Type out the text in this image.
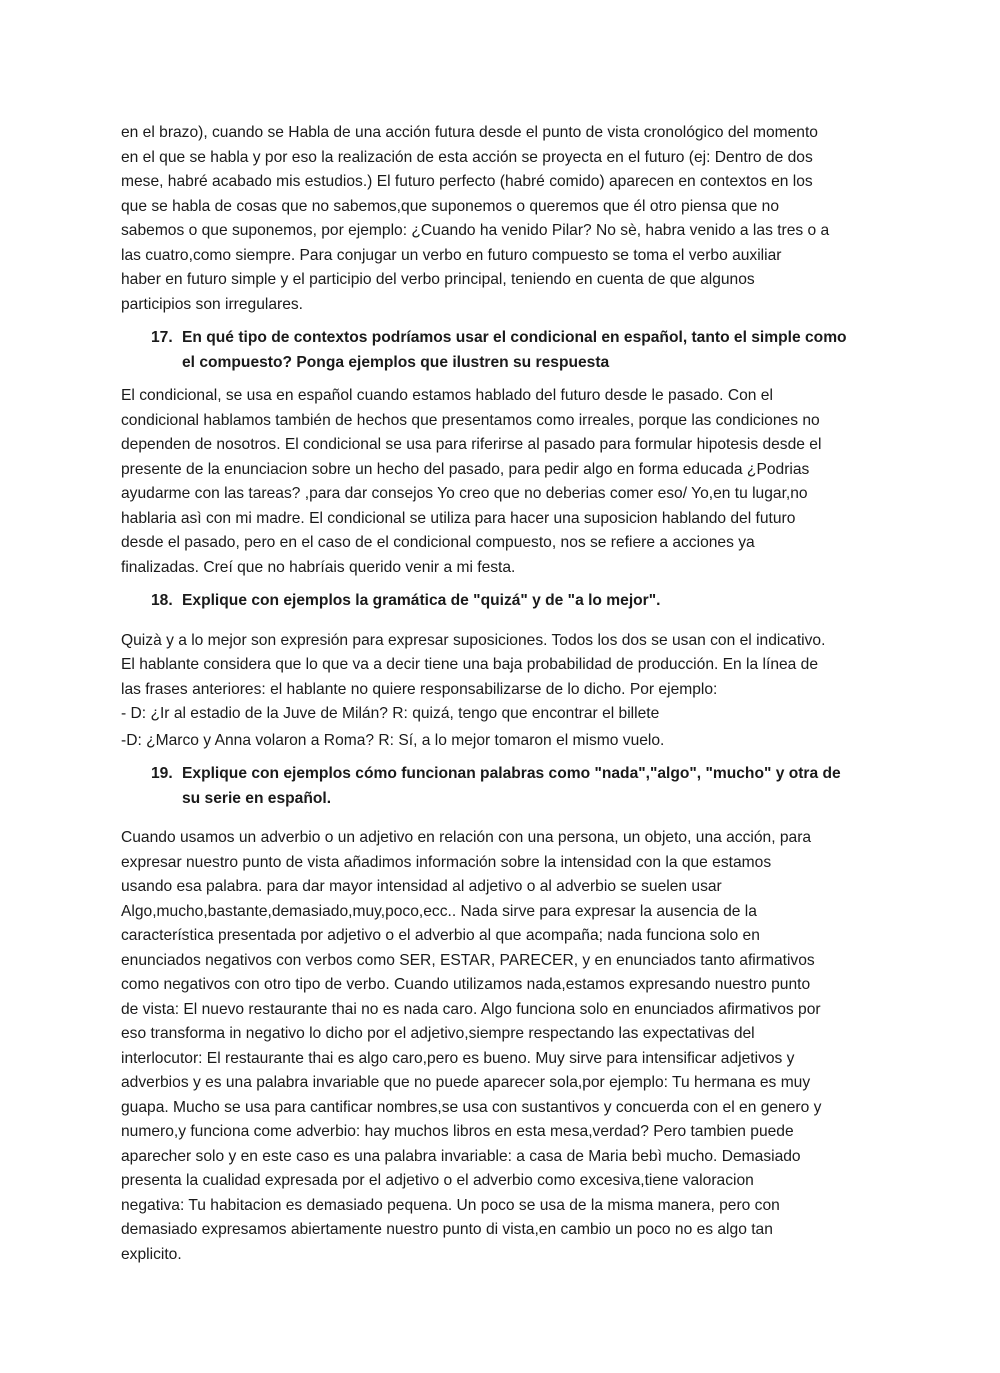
en el brazo), cuando se Habla de una acción futura desde el punto de vista cronológico del momento
en el que se habla y por eso la realización de esta acción se proyecta en el futuro (ej: Dentro de dos
mese, habré acabado mis estudios.) El futuro perfecto (habré comido) aparecen en contextos en los
que se habla de cosas que no sabemos,que suponemos o queremos que él otro piensa que no
sabemos o que suponemos, por ejemplo: ¿Cuando ha venido Pilar? No sè, habra venido a las tres o a
las cuatro,como siempre. Para conjugar un verbo en futuro compuesto se toma el verbo auxiliar
haber en futuro simple y el participio del verbo principal, teniendo en cuenta de que algunos
participios son irregulares.

17. En qué tipo de contextos podríamos usar el condicional en español, tanto el simple como
el compuesto? Ponga ejemplos que ilustren su respuesta

El condicional, se usa en español cuando estamos hablado del futuro desde le pasado. Con el
condicional hablamos también de hechos que presentamos como irreales, porque las condiciones no
dependen de nosotros. El condicional se usa para riferirse al pasado para formular hipotesis desde el
presente de la enunciacion sobre un hecho del pasado, para pedir algo en forma educada ¿Podrias
ayudarme con las tareas? ,para dar consejos Yo creo que no deberias comer eso/ Yo,en tu lugar,no
hablaria asì con mi madre. El condicional se utiliza para hacer una suposicion hablando del futuro
desde el pasado, pero en el caso de el condicional compuesto, nos se refiere a acciones ya
finalizadas. Creí que no habríais querido venir a mi festa.

18. Explique con ejemplos la gramática de "quizá" y de "a lo mejor".

Quizà y a lo mejor son expresión para expresar suposiciones. Todos los dos se usan con el indicativo.
El hablante considera que lo que va a decir tiene una baja probabilidad de producción. En la línea de
las frases anteriores: el hablante no quiere responsabilizarse de lo dicho. Por ejemplo:

- D: ¿Ir al estadio de la Juve de Milán? R: quizá, tengo que encontrar el billete

-D: ¿Marco y Anna volaron a Roma? R: Sí, a lo mejor tomaron el mismo vuelo.

19. Explique con ejemplos cómo funcionan palabras como "nada","algo", "mucho" y otra de
su serie en español.

Cuando usamos un adverbio o un adjetivo en relación con una persona, un objeto, una acción, para
expresar nuestro punto de vista añadimos información sobre la intensidad con la que estamos
usando esa palabra. para dar mayor intensidad al adjetivo o al adverbio se suelen usar
Algo,mucho,bastante,demasiado,muy,poco,ecc.. Nada sirve para expresar la ausencia de la
característica presentada por adjetivo o el adverbio al que acompaña; nada funciona solo en
enunciados negativos con verbos como SER, ESTAR, PARECER, y en enunciados tanto afirmativos
como negativos con otro tipo de verbo. Cuando utilizamos nada,estamos expresando nuestro punto
de vista: El nuevo restaurante thai no es nada caro. Algo funciona solo en enunciados afirmativos por
eso transforma in negativo lo dicho por el adjetivo,siempre respectando las expectativas del
interlocutor: El restaurante thai es algo caro,pero es bueno. Muy sirve para intensificar adjetivos y
adverbios y es una palabra invariable que no puede aparecer sola,por ejemplo: Tu hermana es muy
guapa. Mucho se usa para cantificar nombres,se usa con sustantivos y concuerda con el en genero y
numero,y funciona come adverbio: hay muchos libros en esta mesa,verdad? Pero tambien puede
aparecher solo y en este caso es una palabra invariable: a casa de Maria bebì mucho. Demasiado
presenta la cualidad expresada por el adjetivo o el adverbio como excesiva,tiene valoracion
negativa: Tu habitacion es demasiado pequena. Un poco se usa de la misma manera, pero con
demasiado expresamos abiertamente nuestro punto di vista,en cambio un poco no es algo tan
explicito.
